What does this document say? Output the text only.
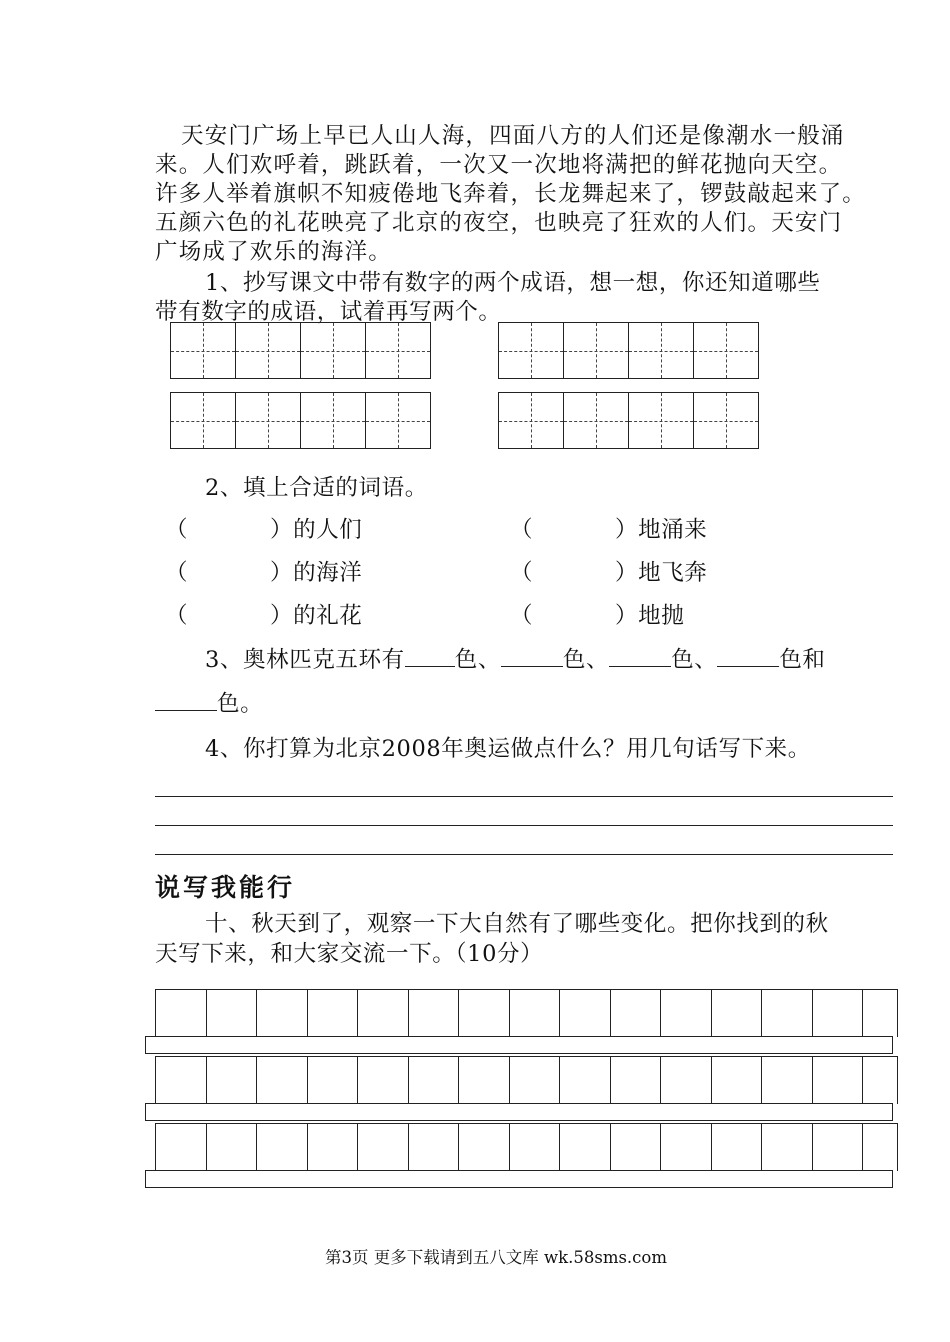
天安门广场上早已人山人海，四面八方的人们还是像潮水一般涌
来。人们欢呼着，跳跃着，一次又一次地将满把的鲜花抛向天空。
许多人举着旗帜不知疲倦地飞奔着，长龙舞起来了，锣鼓敲起来了。
五颜六色的礼花映亮了北京的夜空，也映亮了狂欢的人们。天安门
广场成了欢乐的海洋。
1、抄写课文中带有数字的两个成语，想一想，你还知道哪些
带有数字的成语，试着再写两个。
2、填上合适的词语。
（	）的人们	（	）地涌来
（	）的海洋	（	）地飞奔
（	）的礼花	（	）地抛
3、奥林匹克五环有 色、	色、	色、	色和
色。
4、你打算为北京2008年奥运做点什么？用几句话写下来。
说写我能行
十、秋天到了，观察一下大自然有了哪些变化。把你找到的秋
天写下来，和大家交流一下。（10分）
第3页 更多下载请到五八文库 wk.58sms.com
